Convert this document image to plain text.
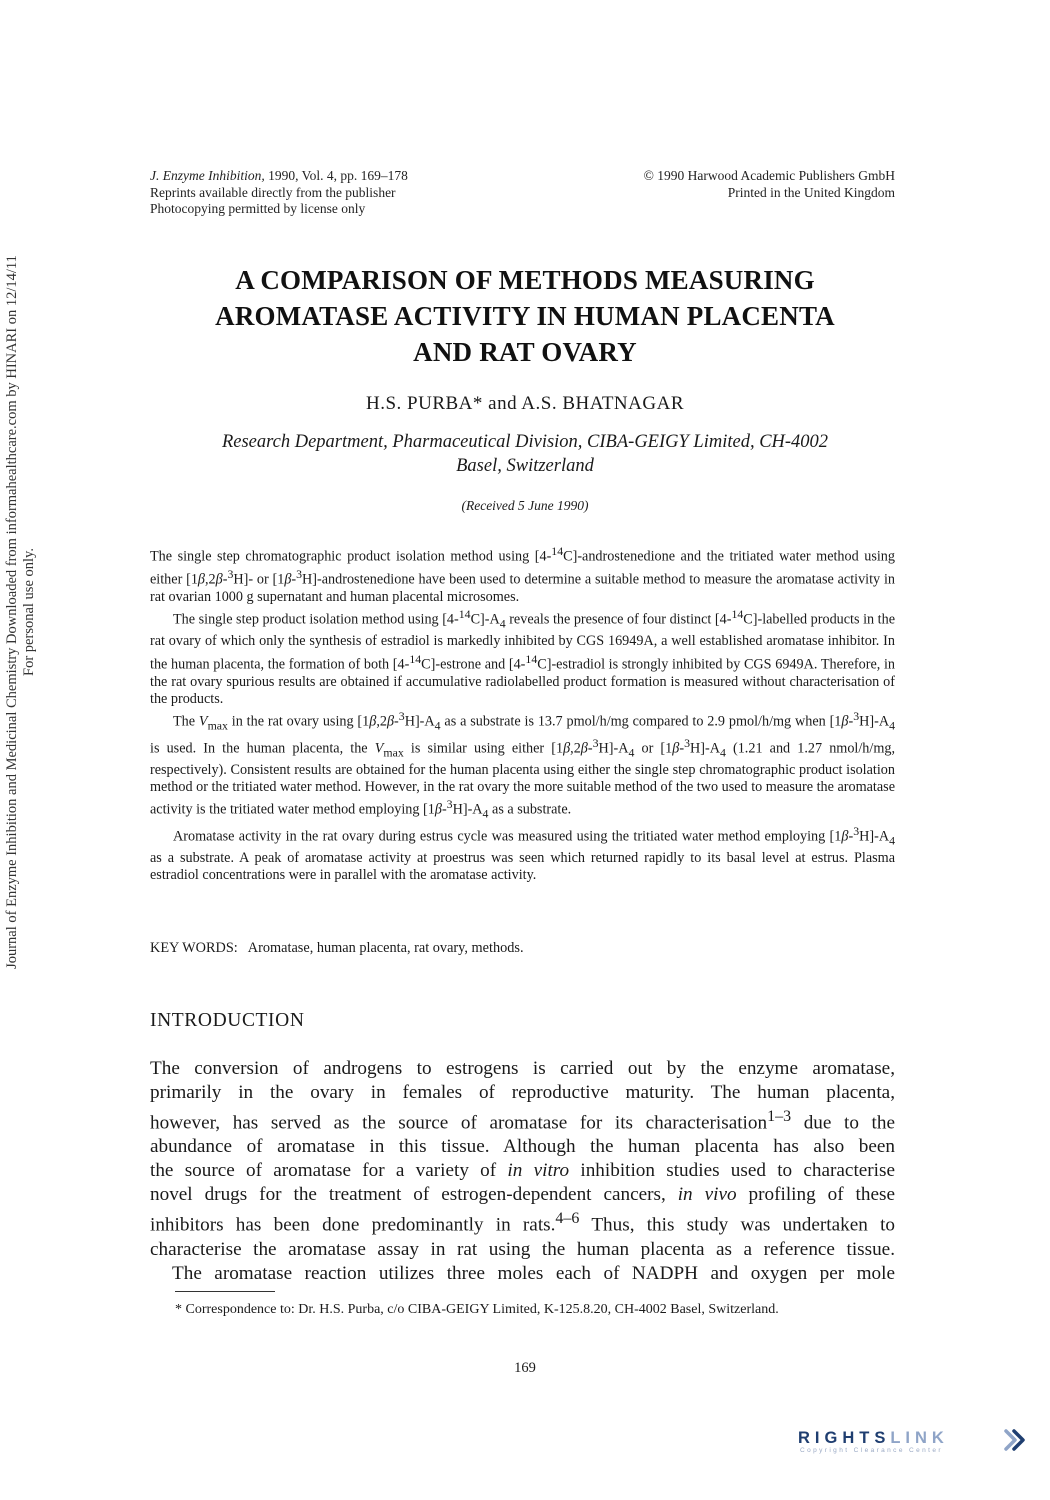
Journal of Enzyme Inhibition and Medicinal Chemistry Downloaded from informahealthcare.com by HINARI on 12/14/11 For personal use only.
J. Enzyme Inhibition, 1990, Vol. 4, pp. 169–178
Reprints available directly from the publisher
Photocopying permitted by license only
© 1990 Harwood Academic Publishers GmbH
Printed in the United Kingdom
A COMPARISON OF METHODS MEASURING
AROMATASE ACTIVITY IN HUMAN PLACENTA
AND RAT OVARY
H.S. PURBA* and A.S. BHATNAGAR
Research Department, Pharmaceutical Division, CIBA-GEIGY Limited, CH-4002
Basel, Switzerland
(Received 5 June 1990)

The single step chromatographic product isolation method using [4-$^{14}$C]-androstenedione and the tritiated water method using either [1β,2β-$^3$H]- or [1β-$^3$H]-androstenedione have been used to determine a suitable method to measure the aromatase activity in rat ovarian 1000 g supernatant and human placental microsomes.

The single step product isolation method using $[4-^{14}C]-A_4$ reveals the presence of four distinct [4-$^{14}$C]-labelled products in the rat ovary of which only the synthesis of estradiol is markedly inhibited by CGS 16949A, a well established aromatase inhibitor. In the human placenta, the formation of both [4-$^{14}$C]-estrone and [4-$^{14}$C]-estradiol is strongly inhibited by CGS 6949A. Therefore, in the rat ovary spurious results are obtained if accumulative radiolabelled product formation is measured without characterisation of the products.

The $V_{max}$ in the rat ovary using $[1\beta,2\beta-^3H]-A_4$ as a substrate is 13.7 pmol/h/mg compared to 2.9 pmol/h/mg when $[1\beta-^3H]-A_4$ is used. In the human placenta, the $V_{max}$ is similar using either $[1\beta,2\beta-^3H]-A_4$ or $[1\beta-^3H]-A_4$ (1.21 and 1.27 nmol/h/mg, respectively). Consistent results are obtained for the human placenta using either the single step chromatographic product isolation method or the tritiated water method. However, in the rat ovary the more suitable method of the two used to measure the aromatase activity is the tritiated water method employing $[1\beta-^3H]-A_4$ as a substrate.

Aromatase activity in the rat ovary during estrus cycle was measured using the tritiated water method employing $[1\beta-^3H]-A_4$ as a substrate. A peak of aromatase activity at proestrus was seen which returned rapidly to its basal level at estrus. Plasma estradiol concentrations were in parallel with the aromatase activity.

KEY WORDS: Aromatase, human placenta, rat ovary, methods.
INTRODUCTION
The conversion of androgens to estrogens is carried out by the enzyme aromatase,
primarily in the ovary in females of reproductive maturity. The human placenta,
however, has served as the source of aromatase for its characterisation$^{1-3}$ due to the
abundance of aromatase in this tissue. Although the human placenta has also been
the source of aromatase for a variety of in vitro inhibition studies used to characterise
novel drugs for the treatment of estrogen-dependent cancers, in vivo profiling of these
inhibitors has been done predominantly in rats.$^{4-6}$ Thus, this study was undertaken to
characterise the aromatase assay in rat using the human placenta as a reference tissue.
The aromatase reaction utilizes three moles each of NADPH and oxygen per mole
* Correspondence to: Dr. H.S. Purba, c/o CIBA-GEIGY Limited, K-125.8.20, CH-4002 Basel, Switzerland.
169
RIGHTSLINK
Copyright Clearance Center
